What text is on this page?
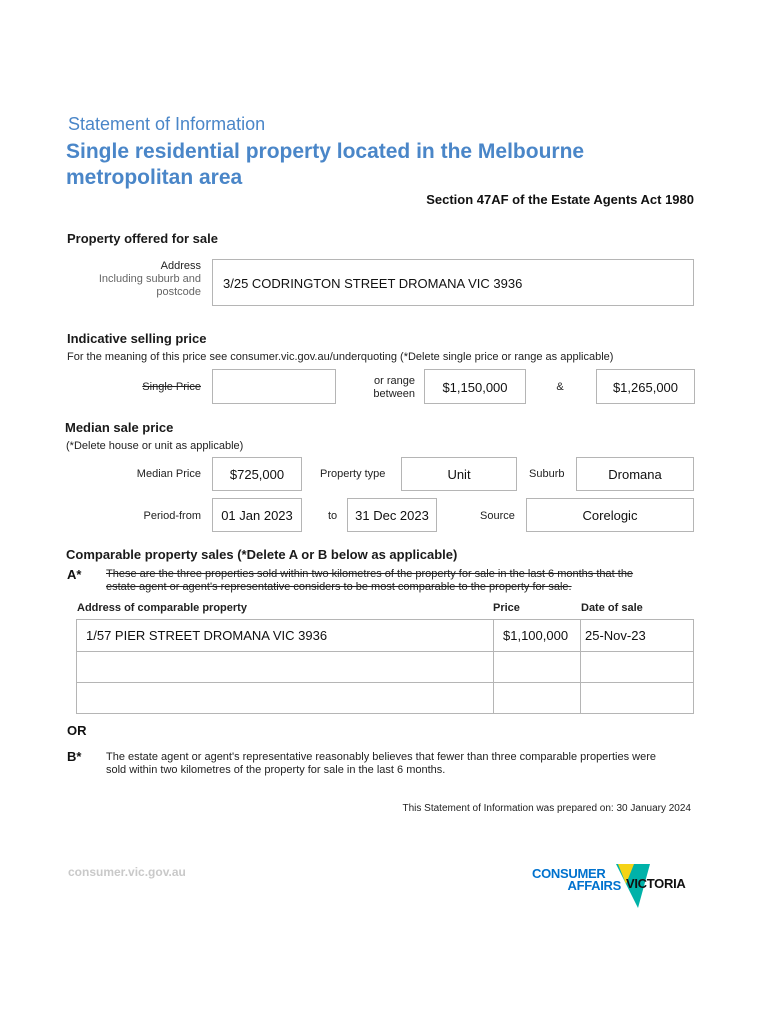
Statement of Information
Single residential property located in the Melbourne
metropolitan area
Section 47AF of the Estate Agents Act 1980
Property offered for sale
Address
Including suburb and
postcode
3/25 CODRINGTON STREET DROMANA VIC 3936
Indicative selling price
For the meaning of this price see consumer.vic.gov.au/underquoting (*Delete single price or range as applicable)
Single Price	or range
between	$1,150,000	&	$1,265,000
Median sale price
(*Delete house or unit as applicable)
Median Price	$725,000	Property type	Unit	Suburb	Dromana
Period-from	01 Jan 2023	to	31 Dec 2023	Source	Corelogic
Comparable property sales (*Delete A or B below as applicable)
A* These are the three properties sold within two kilometres of the property for sale in the last 6 months that the
estate agent or agent's representative considers to be most comparable to the property for sale.
Address of comparable property	Price	Date of sale
1/57 PIER STREET DROMANA VIC 3936	$1,100,000 25-Nov-23
OR
B* The estate agent or agent's representative reasonably believes that fewer than three comparable properties were
sold within two kilometres of the property for sale in the last 6 months.
This Statement of Information was prepared on: 30 January 2024
consumer.vic.gov.au	CONSUMER
AFFAIRS VICTORIA
